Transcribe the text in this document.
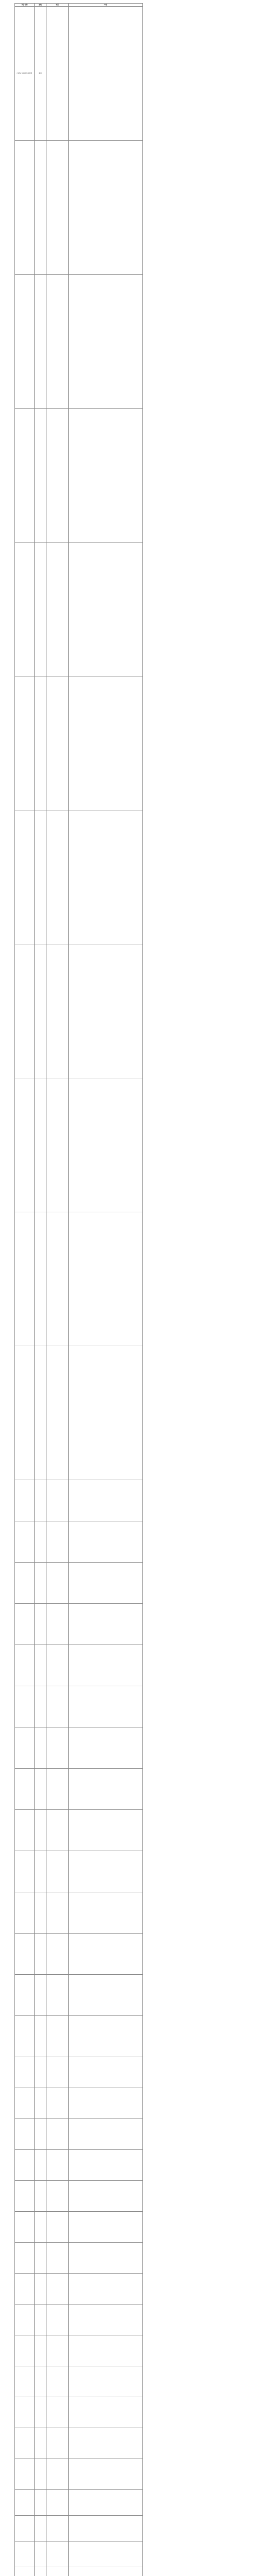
项目名称	属性	细目	内容
内蒙古自治区绿地项目	备案		
